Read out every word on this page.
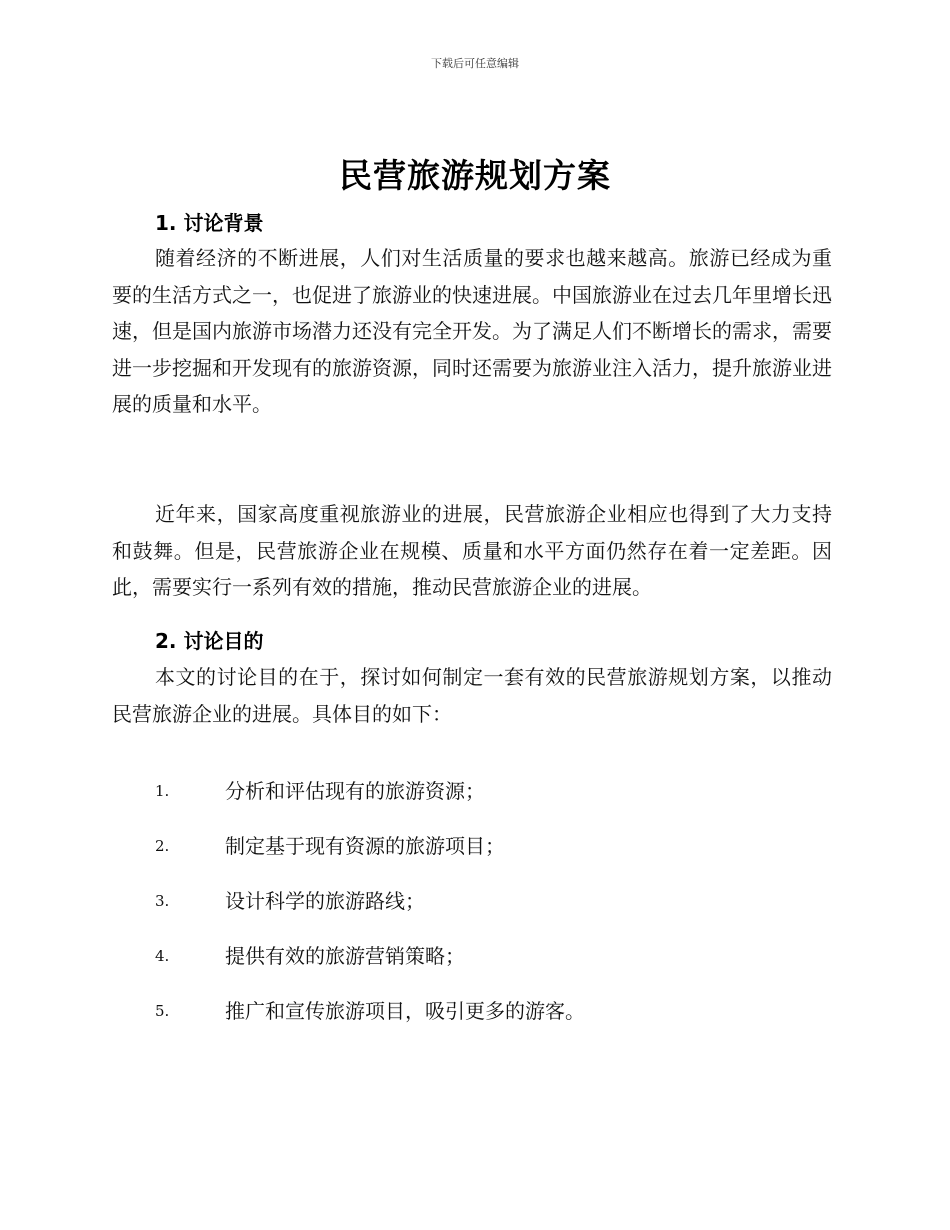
下载后可任意编辑
民营旅游规划方案
1. 讨论背景

随着经济的不断进展，人们对生活质量的要求也越来越高。旅游已经成为重要的生活方式之一，也促进了旅游业的快速进展。中国旅游业在过去几年里增长迅速，但是国内旅游市场潜力还没有完全开发。为了满足人们不断增长的需求，需要进一步挖掘和开发现有的旅游资源，同时还需要为旅游业注入活力，提升旅游业进展的质量和水平。

近年来，国家高度重视旅游业的进展，民营旅游企业相应也得到了大力支持和鼓舞。但是，民营旅游企业在规模、质量和水平方面仍然存在着一定差距。因此，需要实行一系列有效的措施，推动民营旅游企业的进展。

2. 讨论目的

本文的讨论目的在于，探讨如何制定一套有效的民营旅游规划方案，以推动民营旅游企业的进展。具体目的如下：

1.	分析和评估现有的旅游资源；
2.	制定基于现有资源的旅游项目；
3.	设计科学的旅游路线；
4.	提供有效的旅游营销策略；
5.	推广和宣传旅游项目，吸引更多的游客。
